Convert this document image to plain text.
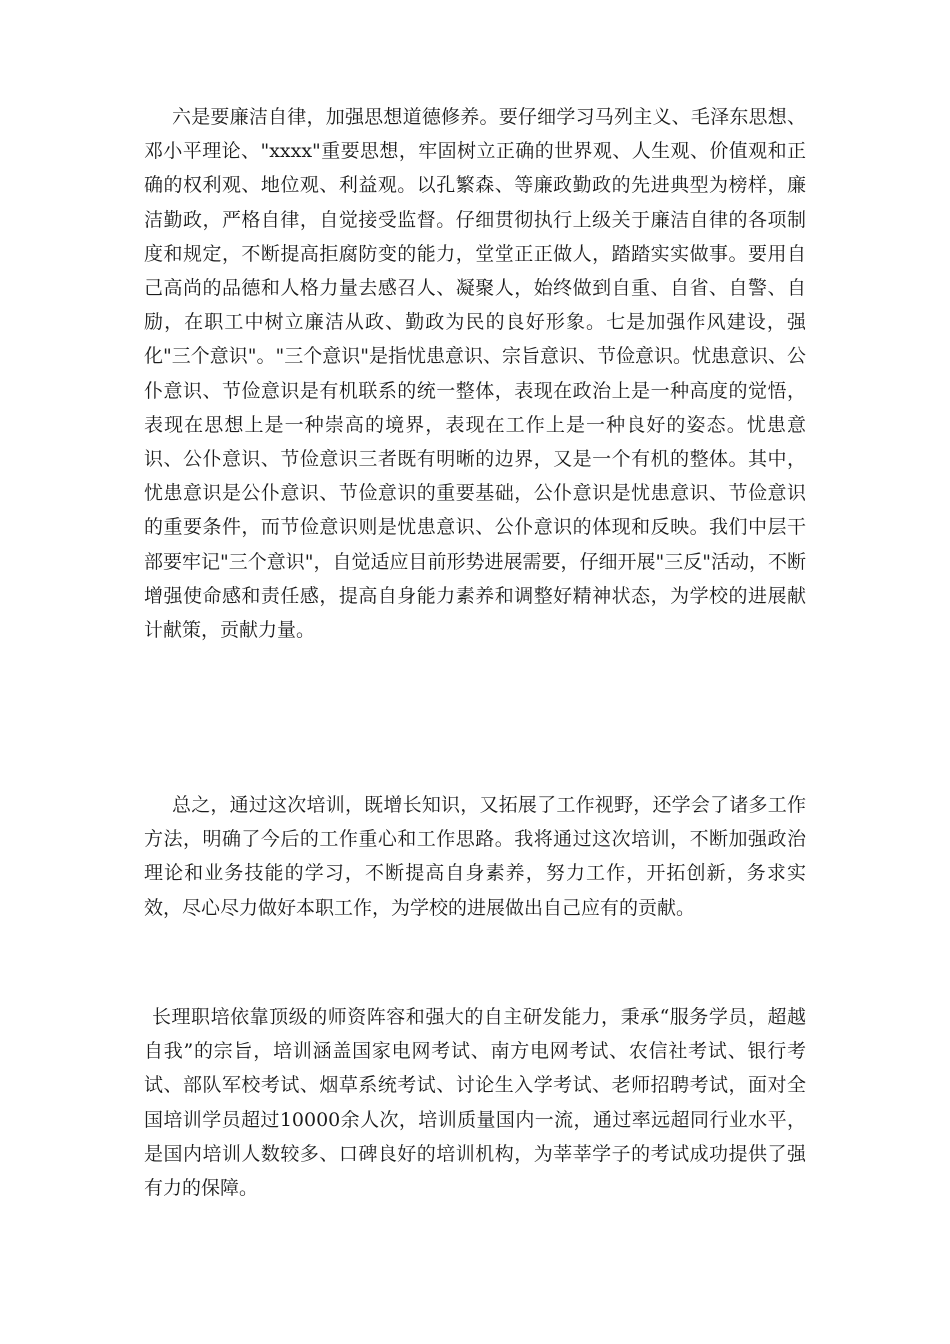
六是要廉洁自律，加强思想道德修养。要仔细学习马列主义、毛泽东思想、邓小平理论、"xxxx"重要思想，牢固树立正确的世界观、人生观、价值观和正确的权利观、地位观、利益观。以孔繁森、等廉政勤政的先进典型为榜样，廉洁勤政，严格自律，自觉接受监督。仔细贯彻执行上级关于廉洁自律的各项制度和规定，不断提高拒腐防变的能力，堂堂正正做人，踏踏实实做事。要用自己高尚的品德和人格力量去感召人、凝聚人，始终做到自重、自省、自警、自励，在职工中树立廉洁从政、勤政为民的良好形象。七是加强作风建设，强化"三个意识"。"三个意识"是指忧患意识、宗旨意识、节俭意识。忧患意识、公仆意识、节俭意识是有机联系的统一整体，表现在政治上是一种高度的觉悟，表现在思想上是一种崇高的境界，表现在工作上是一种良好的姿态。忧患意识、公仆意识、节俭意识三者既有明晰的边界，又是一个有机的整体。其中，忧患意识是公仆意识、节俭意识的重要基础，公仆意识是忧患意识、节俭意识的重要条件，而节俭意识则是忧患意识、公仆意识的体现和反映。我们中层干部要牢记"三个意识"，自觉适应目前形势进展需要，仔细开展"三反"活动，不断增强使命感和责任感，提高自身能力素养和调整好精神状态，为学校的进展献计献策，贡献力量。

总之，通过这次培训，既增长知识，又拓展了工作视野，还学会了诸多工作方法，明确了今后的工作重心和工作思路。我将通过这次培训，不断加强政治理论和业务技能的学习，不断提高自身素养，努力工作，开拓创新，务求实效，尽心尽力做好本职工作，为学校的进展做出自己应有的贡献。

长理职培依靠顶级的师资阵容和强大的自主研发能力，秉承“服务学员，超越自我”的宗旨，培训涵盖国家电网考试、南方电网考试、农信社考试、银行考试、部队军校考试、烟草系统考试、讨论生入学考试、老师招聘考试，面对全国培训学员超过10000余人次，培训质量国内一流，通过率远超同行业水平，是国内培训人数较多、口碑良好的培训机构，为莘莘学子的考试成功提供了强有力的保障。
